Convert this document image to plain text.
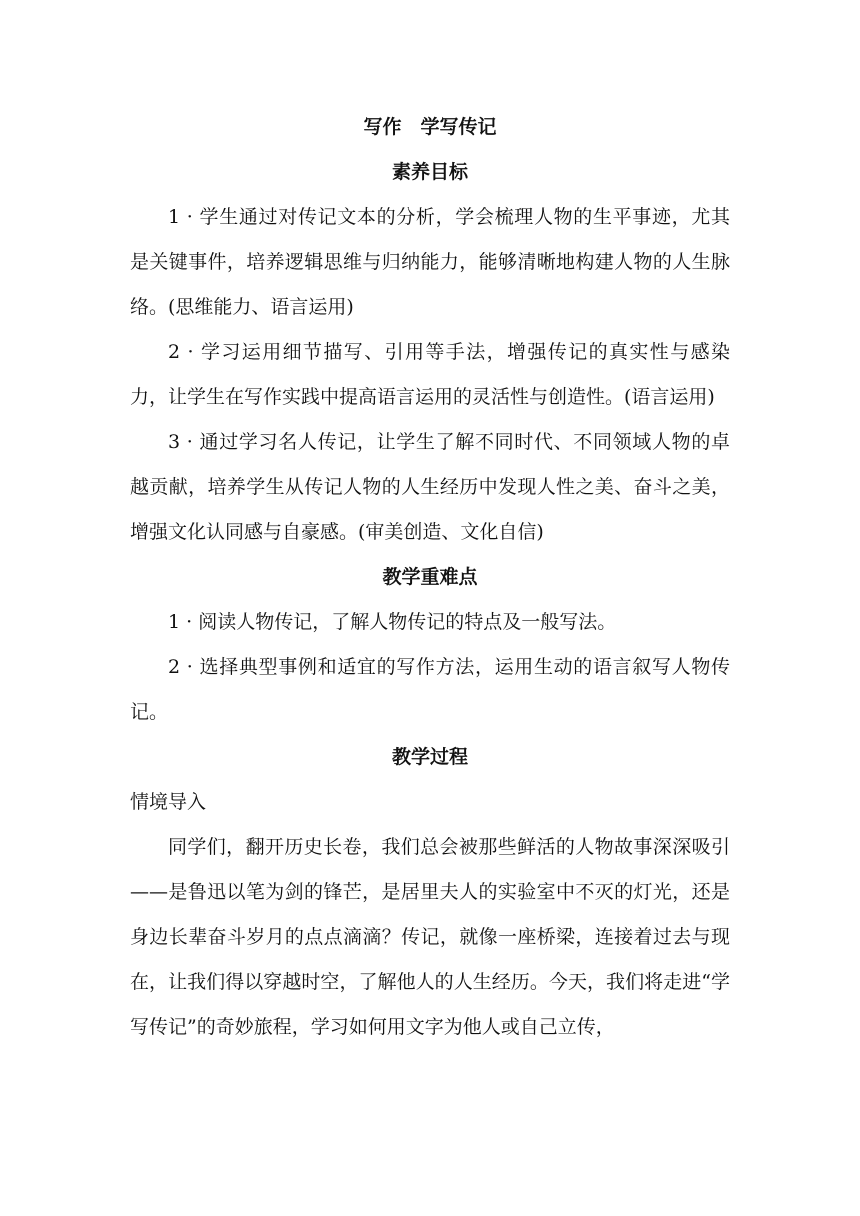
写作　学写传记
素养目标

1 · 学生通过对传记文本的分析，学会梳理人物的生平事迹，尤其是关键事件，培养逻辑思维与归纳能力，能够清晰地构建人物的人生脉络。(思维能力、语言运用)

2 · 学习运用细节描写、引用等手法，增强传记的真实性与感染力，让学生在写作实践中提高语言运用的灵活性与创造性。(语言运用)

3 · 通过学习名人传记，让学生了解不同时代、不同领域人物的卓越贡献，培养学生从传记人物的人生经历中发现人性之美、奋斗之美，增强文化认同感与自豪感。(审美创造、文化自信)

教学重难点

1 · 阅读人物传记，了解人物传记的特点及一般写法。

2 · 选择典型事例和适宜的写作方法，运用生动的语言叙写人物传记。

教学过程

情境导入

同学们，翻开历史长卷，我们总会被那些鲜活的人物故事深深吸引——是鲁迅以笔为剑的锋芒，是居里夫人的实验室中不灭的灯光，还是身边长辈奋斗岁月的点点滴滴？传记，就像一座桥梁，连接着过去与现在，让我们得以穿越时空，了解他人的人生经历。今天，我们将走进“学写传记”的奇妙旅程，学习如何用文字为他人或自己立传，
